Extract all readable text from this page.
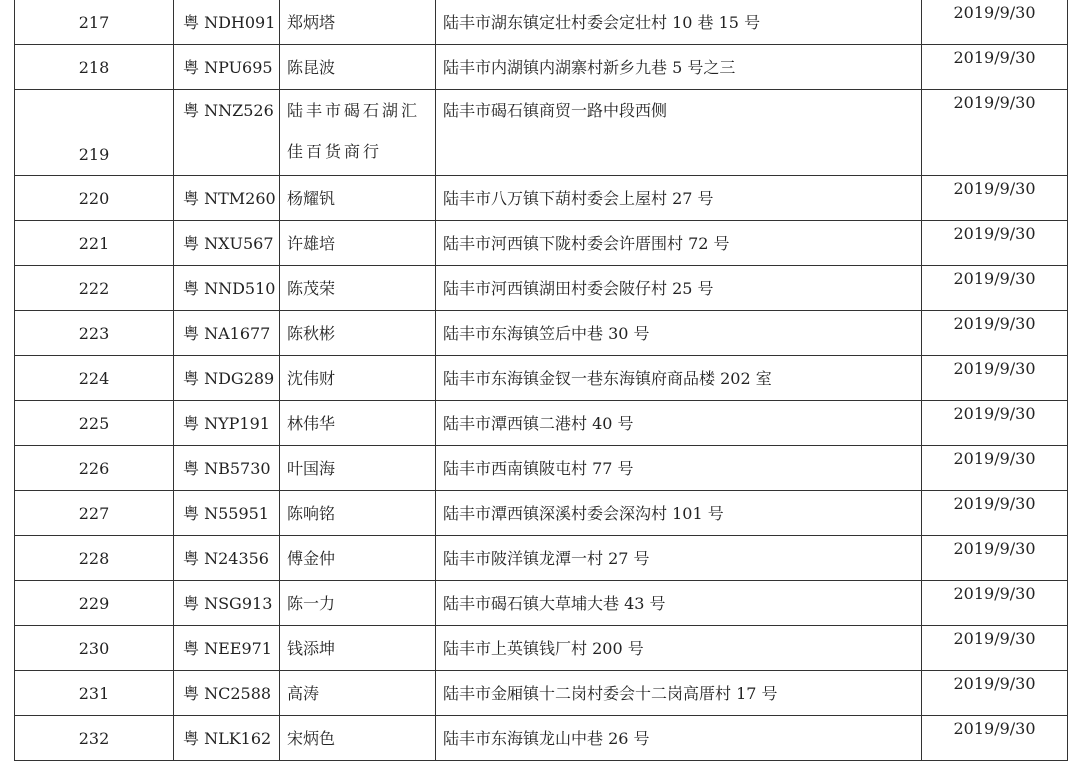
217	粤 NDH091	郑炳塔	陆丰市湖东镇定壮村委会定壮村 10 巷 15 号	2019/9/30

218	粤 NPU695	陈昆波	陆丰市内湖镇内湖寨村新乡九巷 5 号之三	2019/9/30

219	粤 NNZ526	陆丰市碣石湖汇
佳百货商行	陆丰市碣石镇商贸一路中段西侧	2019/9/30

220	粤 NTM260	杨耀钒	陆丰市八万镇下葫村委会上屋村 27 号	2019/9/30

221	粤 NXU567	许雄培	陆丰市河西镇下陇村委会许厝围村 72 号	2019/9/30

222	粤 NND510	陈茂荣	陆丰市河西镇湖田村委会陂仔村 25 号	2019/9/30

223	粤 NA1677	陈秋彬	陆丰市东海镇笠后中巷 30 号	2019/9/30

224	粤 NDG289	沈伟财	陆丰市东海镇金钗一巷东海镇府商品楼 202 室	2019/9/30

225	粤 NYP191	林伟华	陆丰市潭西镇二港村 40 号	2019/9/30

226	粤 NB5730	叶国海	陆丰市西南镇陂屯村 77 号	2019/9/30

227	粤 N55951	陈响铭	陆丰市潭西镇深溪村委会深沟村 101 号	2019/9/30

228	粤 N24356	傅金仲	陆丰市陂洋镇龙潭一村 27 号	2019/9/30

229	粤 NSG913	陈一力	陆丰市碣石镇大草埔大巷 43 号	2019/9/30

230	粤 NEE971	钱添坤	陆丰市上英镇钱厂村 200 号	2019/9/30

231	粤 NC2588	高涛	陆丰市金厢镇十二岗村委会十二岗高厝村 17 号	2019/9/30

232	粤 NLK162	宋炳色	陆丰市东海镇龙山中巷 26 号	2019/9/30
